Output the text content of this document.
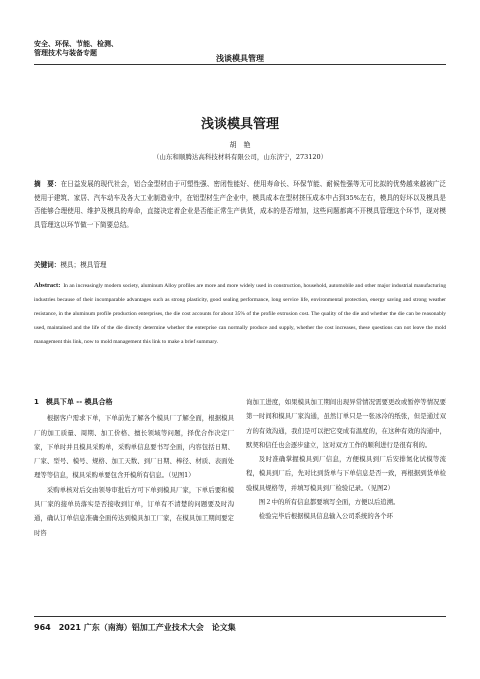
安全、环保、节能、检测、
管理技术与装备专题
浅谈模具管理
浅谈模具管理
胡　艳
（山东和顺腾达高科技材料有限公司，山东济宁，273120）
摘　要：在日益发展的现代社会，铝合金型材由于可塑性强、密闭性能好、使用寿命长、环保节能、耐候性强等无可比拟的优势越来越被广泛使用于建筑、家居、汽车动车及各大工业制造业中，在铝型材生产企业中，模具成本在型材挤压成本中占到35%左右，模具的好坏以及模具是否能够合理使用、维护及模具的寿命，直接决定着企业是否能正常生产供货，成本的是否增加，这些问题都离不开模具管理这个环节，现对模具管理这以环节做一下简要总结。
关键词：模具；模具管理
Abstract: In an increasingly modern society, aluminum Alloy profiles are more and more widely used in construction, household, automobile and other major industrial manufacturing industries because of their incomparable advantages such as strong plasticity, good sealing performance, long service life, environmental protection, energy saving and strong weather resistance, in the aluminum profile production enterprises, the die cost accounts for about 35% of the profile extrusion cost. The quality of the die and whether the die can be reasonably used, maintained and the life of the die directly determine whether the enterprise can normally produce and supply, whether the cost increases, these questions can not leave the mold management this link, now to mold management this link to make a brief summary.
1　模具下单 -- 模具合格

根据客户需求下单，下单前先了解各个模具厂了解全面，根据模具厂的加工质量、周期、加工价格、擅长领域等问题，择优合作决定厂家，下单时并且模具采购单，采购单信息要书写全面，内容包括日期、厂家、型号、模号、规格、加工天数、到厂日期、棒径、材质、表面处理等等信息，模具采购单要包含开模所有信息。（见图1）

采购单核对后交由领导审批后方可下单到模具厂家，下单后要和模具厂家的接单员落实是否接收到订单，订单有不清楚的问题要及时沟通，确认订单信息准确全面传达到模具加工厂家，在模具加工期间要定时咨

询加工进度，如果模具加工期间出现异常情况需要更改或暂停等情况要第一时间和模具厂家沟通，虽然订单只是一张冰冷的纸张，但是通过双方的有效沟通，我们是可以把它变成有温度的，在这种有效的沟通中，默契和信任也会逐步建立，这对双方工作的顺利进行是很有利的。

及时准确掌握模具到厂信息，方便模具到厂后安排氮化试模等流程，模具到厂后，先对比到货单与下单信息是否一致，再根据到货单检验模具规格等，并填写模具到厂检验记录。（见图2）

图２中的所有信息都要填写全面，方便以后追溯。

检验完毕后根据模具信息输入公司系统的各个环

964 2021 广东（南海）铝加工产业技术大会　论文集
